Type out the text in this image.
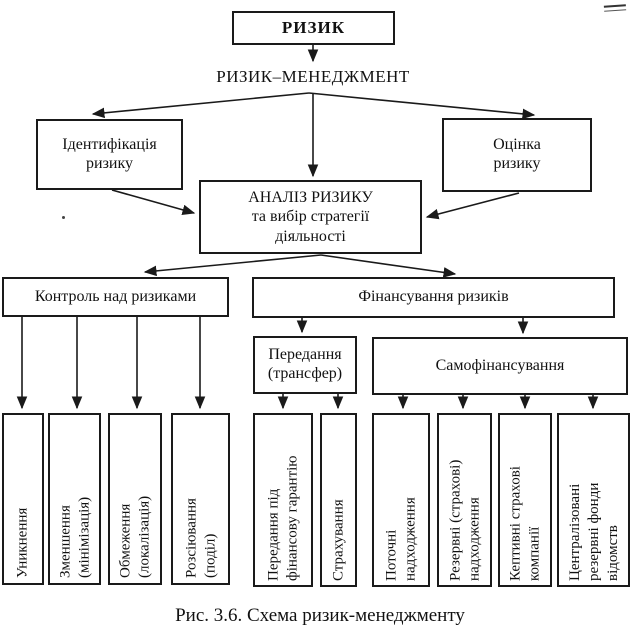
РИЗИК
РИЗИК–МЕНЕДЖМЕНТ
Ідентифікація
ризику
Оцінка
ризику
АНАЛІЗ РИЗИКУ
та вибір стратегії
діяльності
Контроль над ризиками	Фінансування ризиків
Передання
(трансфер)	Самофінансування
Уникнення Зменшення
(мінімізація) Обмеження
(локалізація) Розсіювання
(поділ)	Передання під
фінансову гарантію
Страхування Поточні
надходження Резервні (страхові)
надходження Кептивні страхові
компанії Централізовані
резервні фонди
відомств
Рис. 3.6. Схема ризик-менеджменту
